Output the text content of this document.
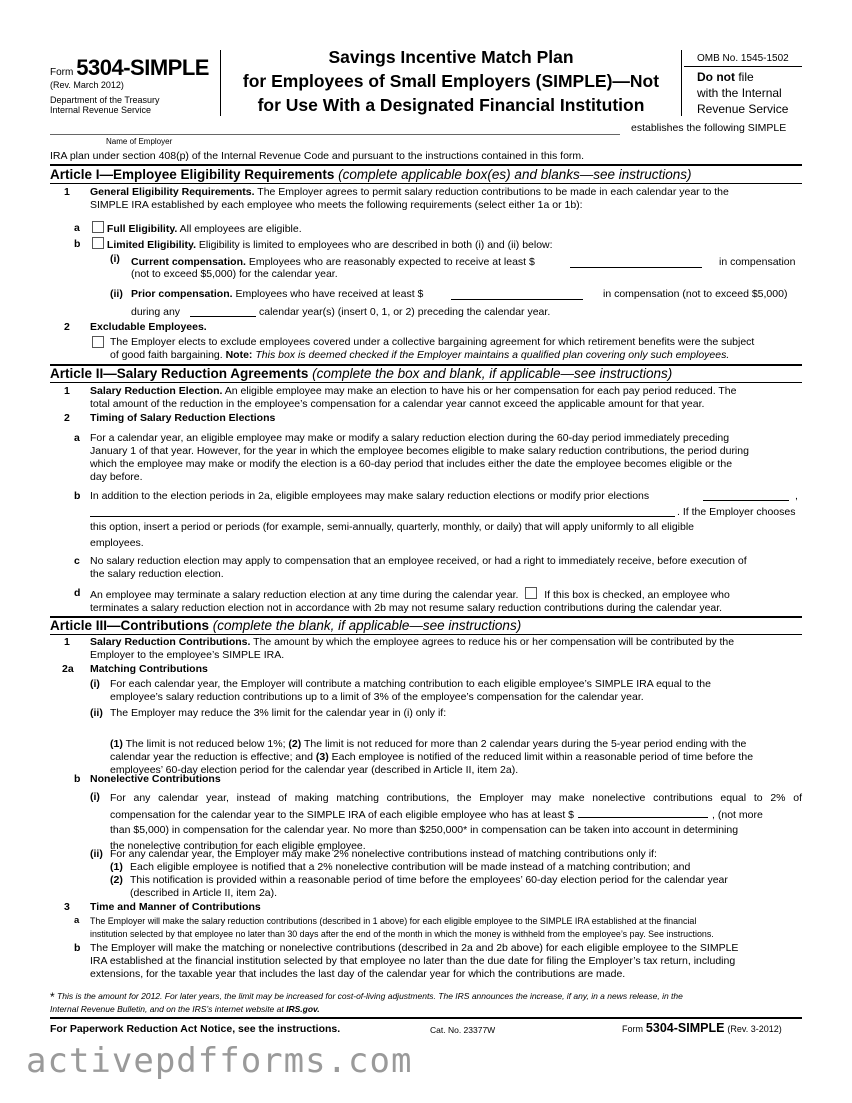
Form 5304-SIMPLE
(Rev. March 2012)
Department of the Treasury
Internal Revenue Service
Savings Incentive Match Plan
for Employees of Small Employers (SIMPLE)—Not
for Use With a Designated Financial Institution
OMB No. 1545-1502
Do not file
with the Internal
Revenue Service
establishes the following SIMPLE
Name of Employer
IRA plan under section 408(p) of the Internal Revenue Code and pursuant to the instructions contained in this form.
Article I—Employee Eligibility Requirements (complete applicable box(es) and blanks—see instructions)
1 General Eligibility Requirements. The Employer agrees to permit salary reduction contributions to be made in each calendar year to the
SIMPLE IRA established by each employee who meets the following requirements (select either 1a or 1b):
a	Full Eligibility. All employees are eligible.
b	Limited Eligibility. Eligibility is limited to employees who are described in both (i) and (ii) below:
(i) Current compensation. Employees who are reasonably expected to receive at least $	in compensation
(not to exceed $5,000) for the calendar year.
(ii) Prior compensation. Employees who have received at least $	in compensation (not to exceed $5,000)
during any	calendar year(s) (insert 0, 1, or 2) preceding the calendar year.
2 Excludable Employees.
The Employer elects to exclude employees covered under a collective bargaining agreement for which retirement benefits were the subject
of good faith bargaining. Note: This box is deemed checked if the Employer maintains a qualified plan covering only such employees.
Article II—Salary Reduction Agreements (complete the box and blank, if applicable—see instructions)
1 Salary Reduction Election. An eligible employee may make an election to have his or her compensation for each pay period reduced. The
total amount of the reduction in the employee’s compensation for a calendar year cannot exceed the applicable amount for that year.
2 Timing of Salary Reduction Elections
a For a calendar year, an eligible employee may make or modify a salary reduction election during the 60-day period immediately preceding
January 1 of that year. However, for the year in which the employee becomes eligible to make salary reduction contributions, the period during
which the employee may make or modify the election is a 60-day period that includes either the date the employee becomes eligible or the
day before.
b In addition to the election periods in 2a, eligible employees may make salary reduction elections or modify prior elections	,
. If the Employer chooses
this option, insert a period or periods (for example, semi-annually, quarterly, monthly, or daily) that will apply uniformly to all eligible
employees.
c No salary reduction election may apply to compensation that an employee received, or had a right to immediately receive, before execution of
the salary reduction election.
d An employee may terminate a salary reduction election at any time during the calendar year. If this box is checked, an employee who
terminates a salary reduction election not in accordance with 2b may not resume salary reduction contributions during the calendar year.
Article III—Contributions (complete the blank, if applicable—see instructions)
1 Salary Reduction Contributions. The amount by which the employee agrees to reduce his or her compensation will be contributed by the
Employer to the employee’s SIMPLE IRA.
2a Matching Contributions
(i) For each calendar year, the Employer will contribute a matching contribution to each eligible employee’s SIMPLE IRA equal to the
employee’s salary reduction contributions up to a limit of 3% of the employee’s compensation for the calendar year.
(ii) The Employer may reduce the 3% limit for the calendar year in (i) only if:
(1) The limit is not reduced below 1%; (2) The limit is not reduced for more than 2 calendar years during the 5-year period ending with the
calendar year the reduction is effective; and (3) Each employee is notified of the reduced limit within a reasonable period of time before the
employees’ 60-day election period for the calendar year (described in Article II, item 2a).
b Nonelective Contributions
(i) For any calendar year, instead of making matching contributions, the Employer may make nonelective contributions equal to 2% of
compensation for the calendar year to the SIMPLE IRA of each eligible employee who has at least $	, (not more
than $5,000) in compensation for the calendar year. No more than $250,000* in compensation can be taken into account in determining
the nonelective contribution for each eligible employee.
(ii) For any calendar year, the Employer may make 2% nonelective contributions instead of matching contributions only if:
(1) Each eligible employee is notified that a 2% nonelective contribution will be made instead of a matching contribution; and
(2) This notification is provided within a reasonable period of time before the employees’ 60-day election period for the calendar year
(described in Article II, item 2a).
3 Time and Manner of Contributions
a The Employer will make the salary reduction contributions (described in 1 above) for each eligible employee to the SIMPLE IRA established at the financial
institution selected by that employee no later than 30 days after the end of the month in which the money is withheld from the employee’s pay. See instructions.
b The Employer will make the matching or nonelective contributions (described in 2a and 2b above) for each eligible employee to the SIMPLE
IRA established at the financial institution selected by that employee no later than the due date for filing the Employer’s tax return, including
extensions, for the taxable year that includes the last day of the calendar year for which the contributions are made.
* This is the amount for 2012. For later years, the limit may be increased for cost-of-living adjustments. The IRS announces the increase, if any, in a news release, in the
Internal Revenue Bulletin, and on the IRS’s internet website at IRS.gov.
For Paperwork Reduction Act Notice, see the instructions.	Cat. No. 23377W	Form 5304-SIMPLE (Rev. 3-2012)
activepdfforms.com
